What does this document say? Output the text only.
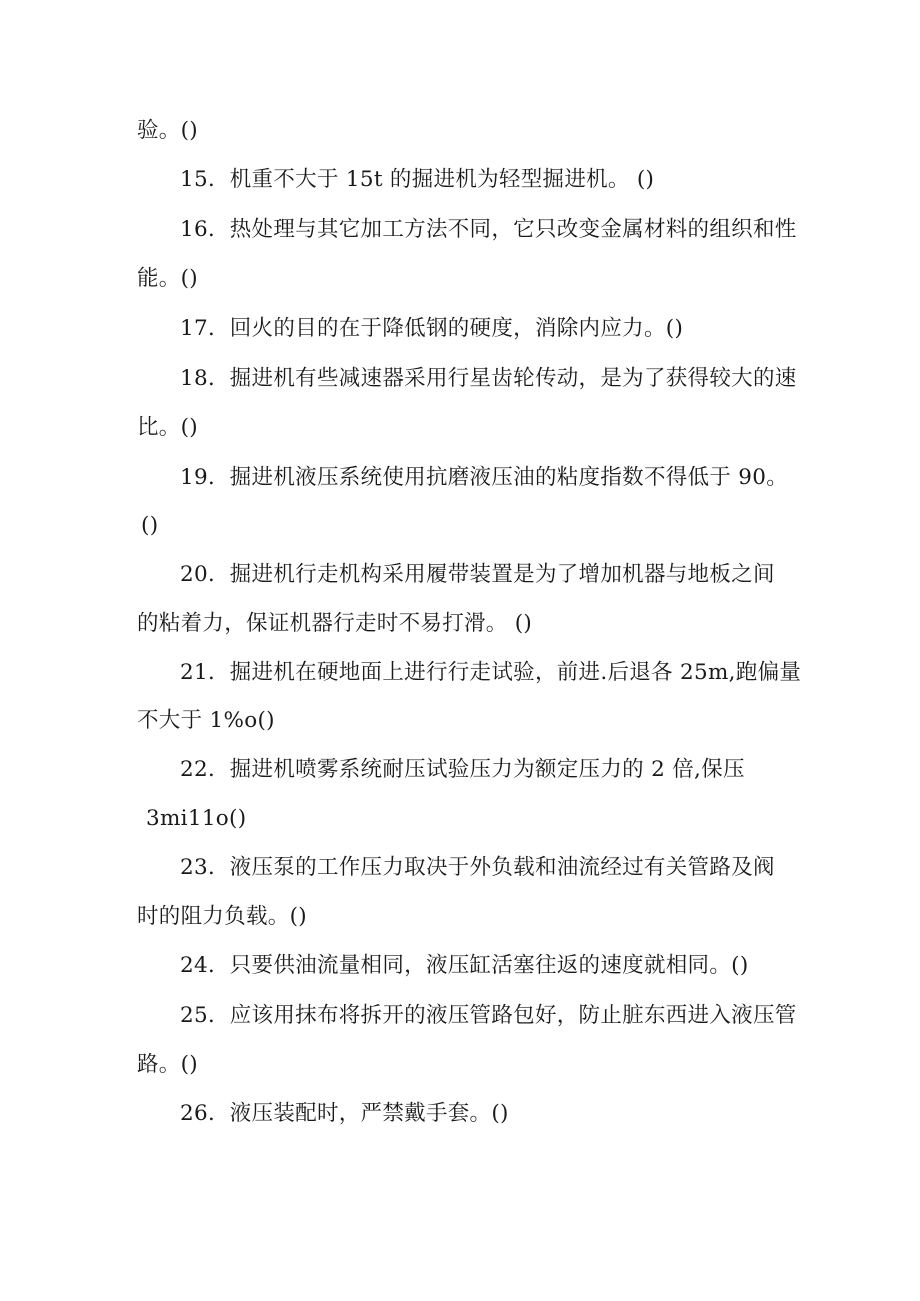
验。()
15．机重不大于 15t 的掘进机为轻型掘进机。 ()
16．热处理与其它加工方法不同，它只改变金属材料的组织和性
能。()
17．回火的目的在于降低钢的硬度，消除内应力。()
18．掘进机有些减速器采用行星齿轮传动，是为了获得较大的速
比。()
19．掘进机液压系统使用抗磨液压油的粘度指数不得低于 90。
()
20．掘进机行走机构采用履带装置是为了增加机器与地板之间
的粘着力，保证机器行走时不易打滑。 ()
21．掘进机在硬地面上进行行走试验，前进.后退各 25m,跑偏量
不大于 1%o()
22．掘进机喷雾系统耐压试验压力为额定压力的 2 倍,保压
3mi11o()
23．液压泵的工作压力取决于外负载和油流经过有关管路及阀
时的阻力负载。()
24．只要供油流量相同，液压缸活塞往返的速度就相同。()
25．应该用抹布将拆开的液压管路包好，防止脏东西进入液压管
路。()
26．液压装配时，严禁戴手套。()
